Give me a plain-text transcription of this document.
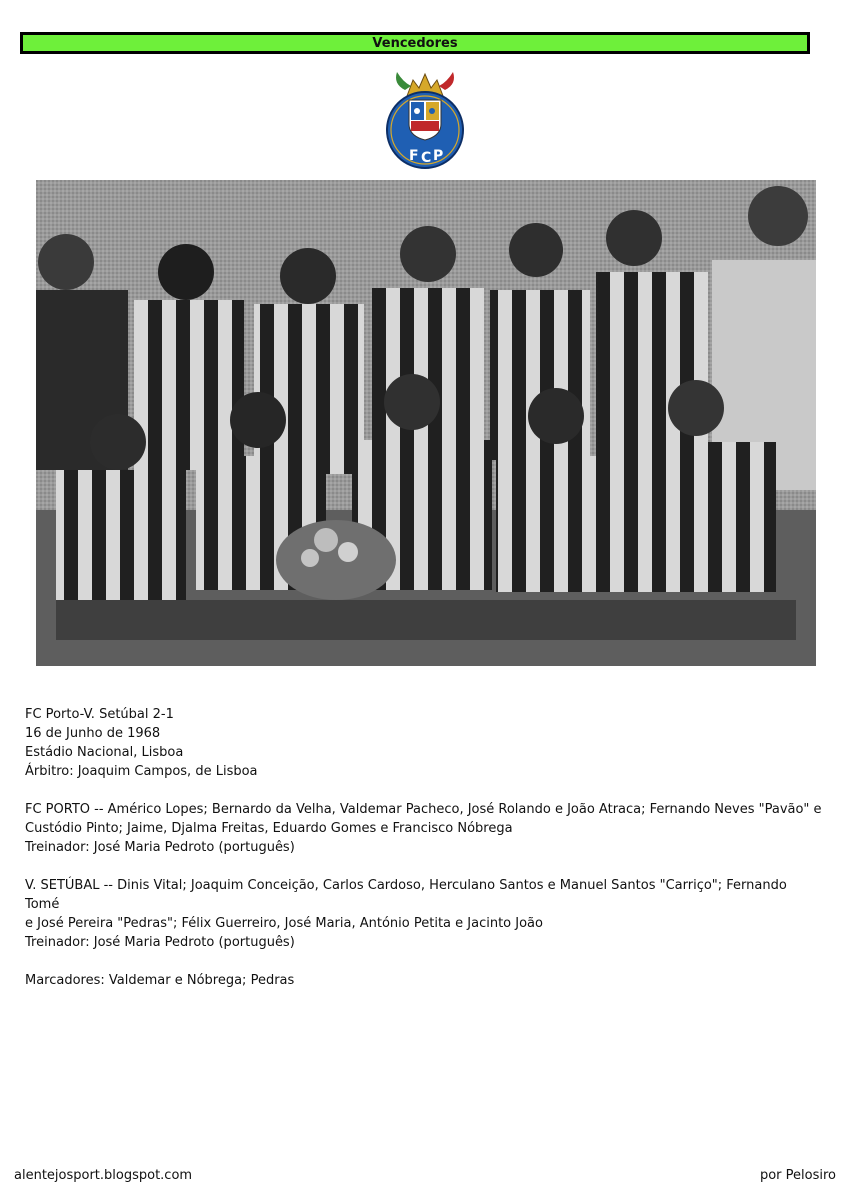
Vencedores
F C P

FC Porto-V. Setúbal 2-1

16 de Junho de 1968

Estádio Nacional, Lisboa

Árbitro: Joaquim Campos, de Lisboa

FC PORTO -- Américo Lopes; Bernardo da Velha, Valdemar Pacheco, José Rolando e João Atraca; Fernando Neves "Pavão" e

Custódio Pinto; Jaime, Djalma Freitas, Eduardo Gomes e Francisco Nóbrega

Treinador: José Maria Pedroto (português)

V. SETÚBAL -- Dinis Vital; Joaquim Conceição, Carlos Cardoso, Herculano Santos e Manuel Santos "Carriço"; Fernando Tomé

e José Pereira "Pedras"; Félix Guerreiro, José Maria, António Petita e Jacinto João

Treinador: José Maria Pedroto (português)

Marcadores: Valdemar e Nóbrega; Pedras

alentejosport.blogspot.com	por Pelosiro
